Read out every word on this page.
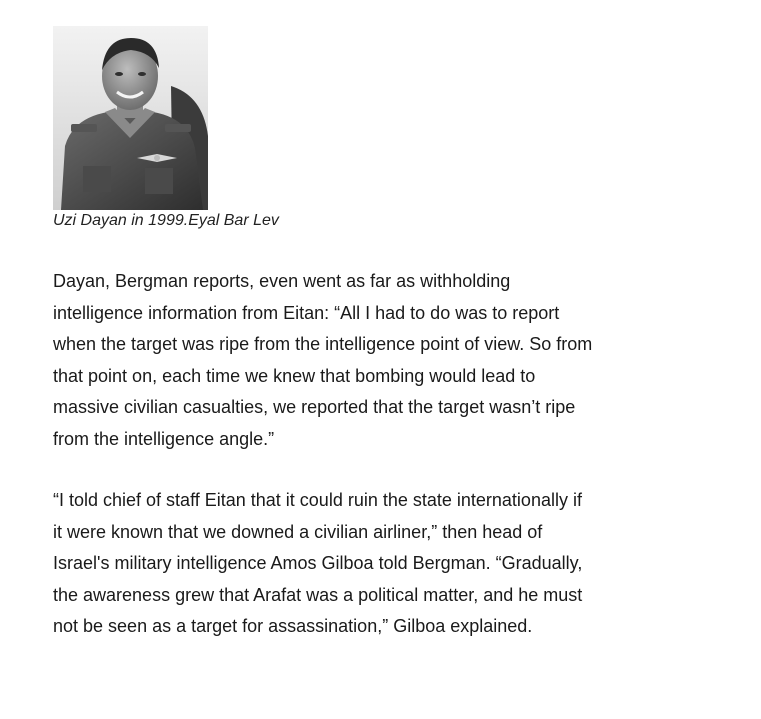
Uzi Dayan in 1999.Eyal Bar Lev

Dayan, Bergman reports, even went as far as withholding
intelligence information from Eitan: “All I had to do was to report
when the target was ripe from the intelligence point of view. So from
that point on, each time we knew that bombing would lead to
massive civilian casualties, we reported that the target wasn’t ripe
from the intelligence angle.”

“I told chief of staff Eitan that it could ruin the state internationally if
it were known that we downed a civilian airliner,” then head of
Israel's military intelligence Amos Gilboa told Bergman. “Gradually,
the awareness grew that Arafat was a political matter, and he must
not be seen as a target for assassination,” Gilboa explained.
